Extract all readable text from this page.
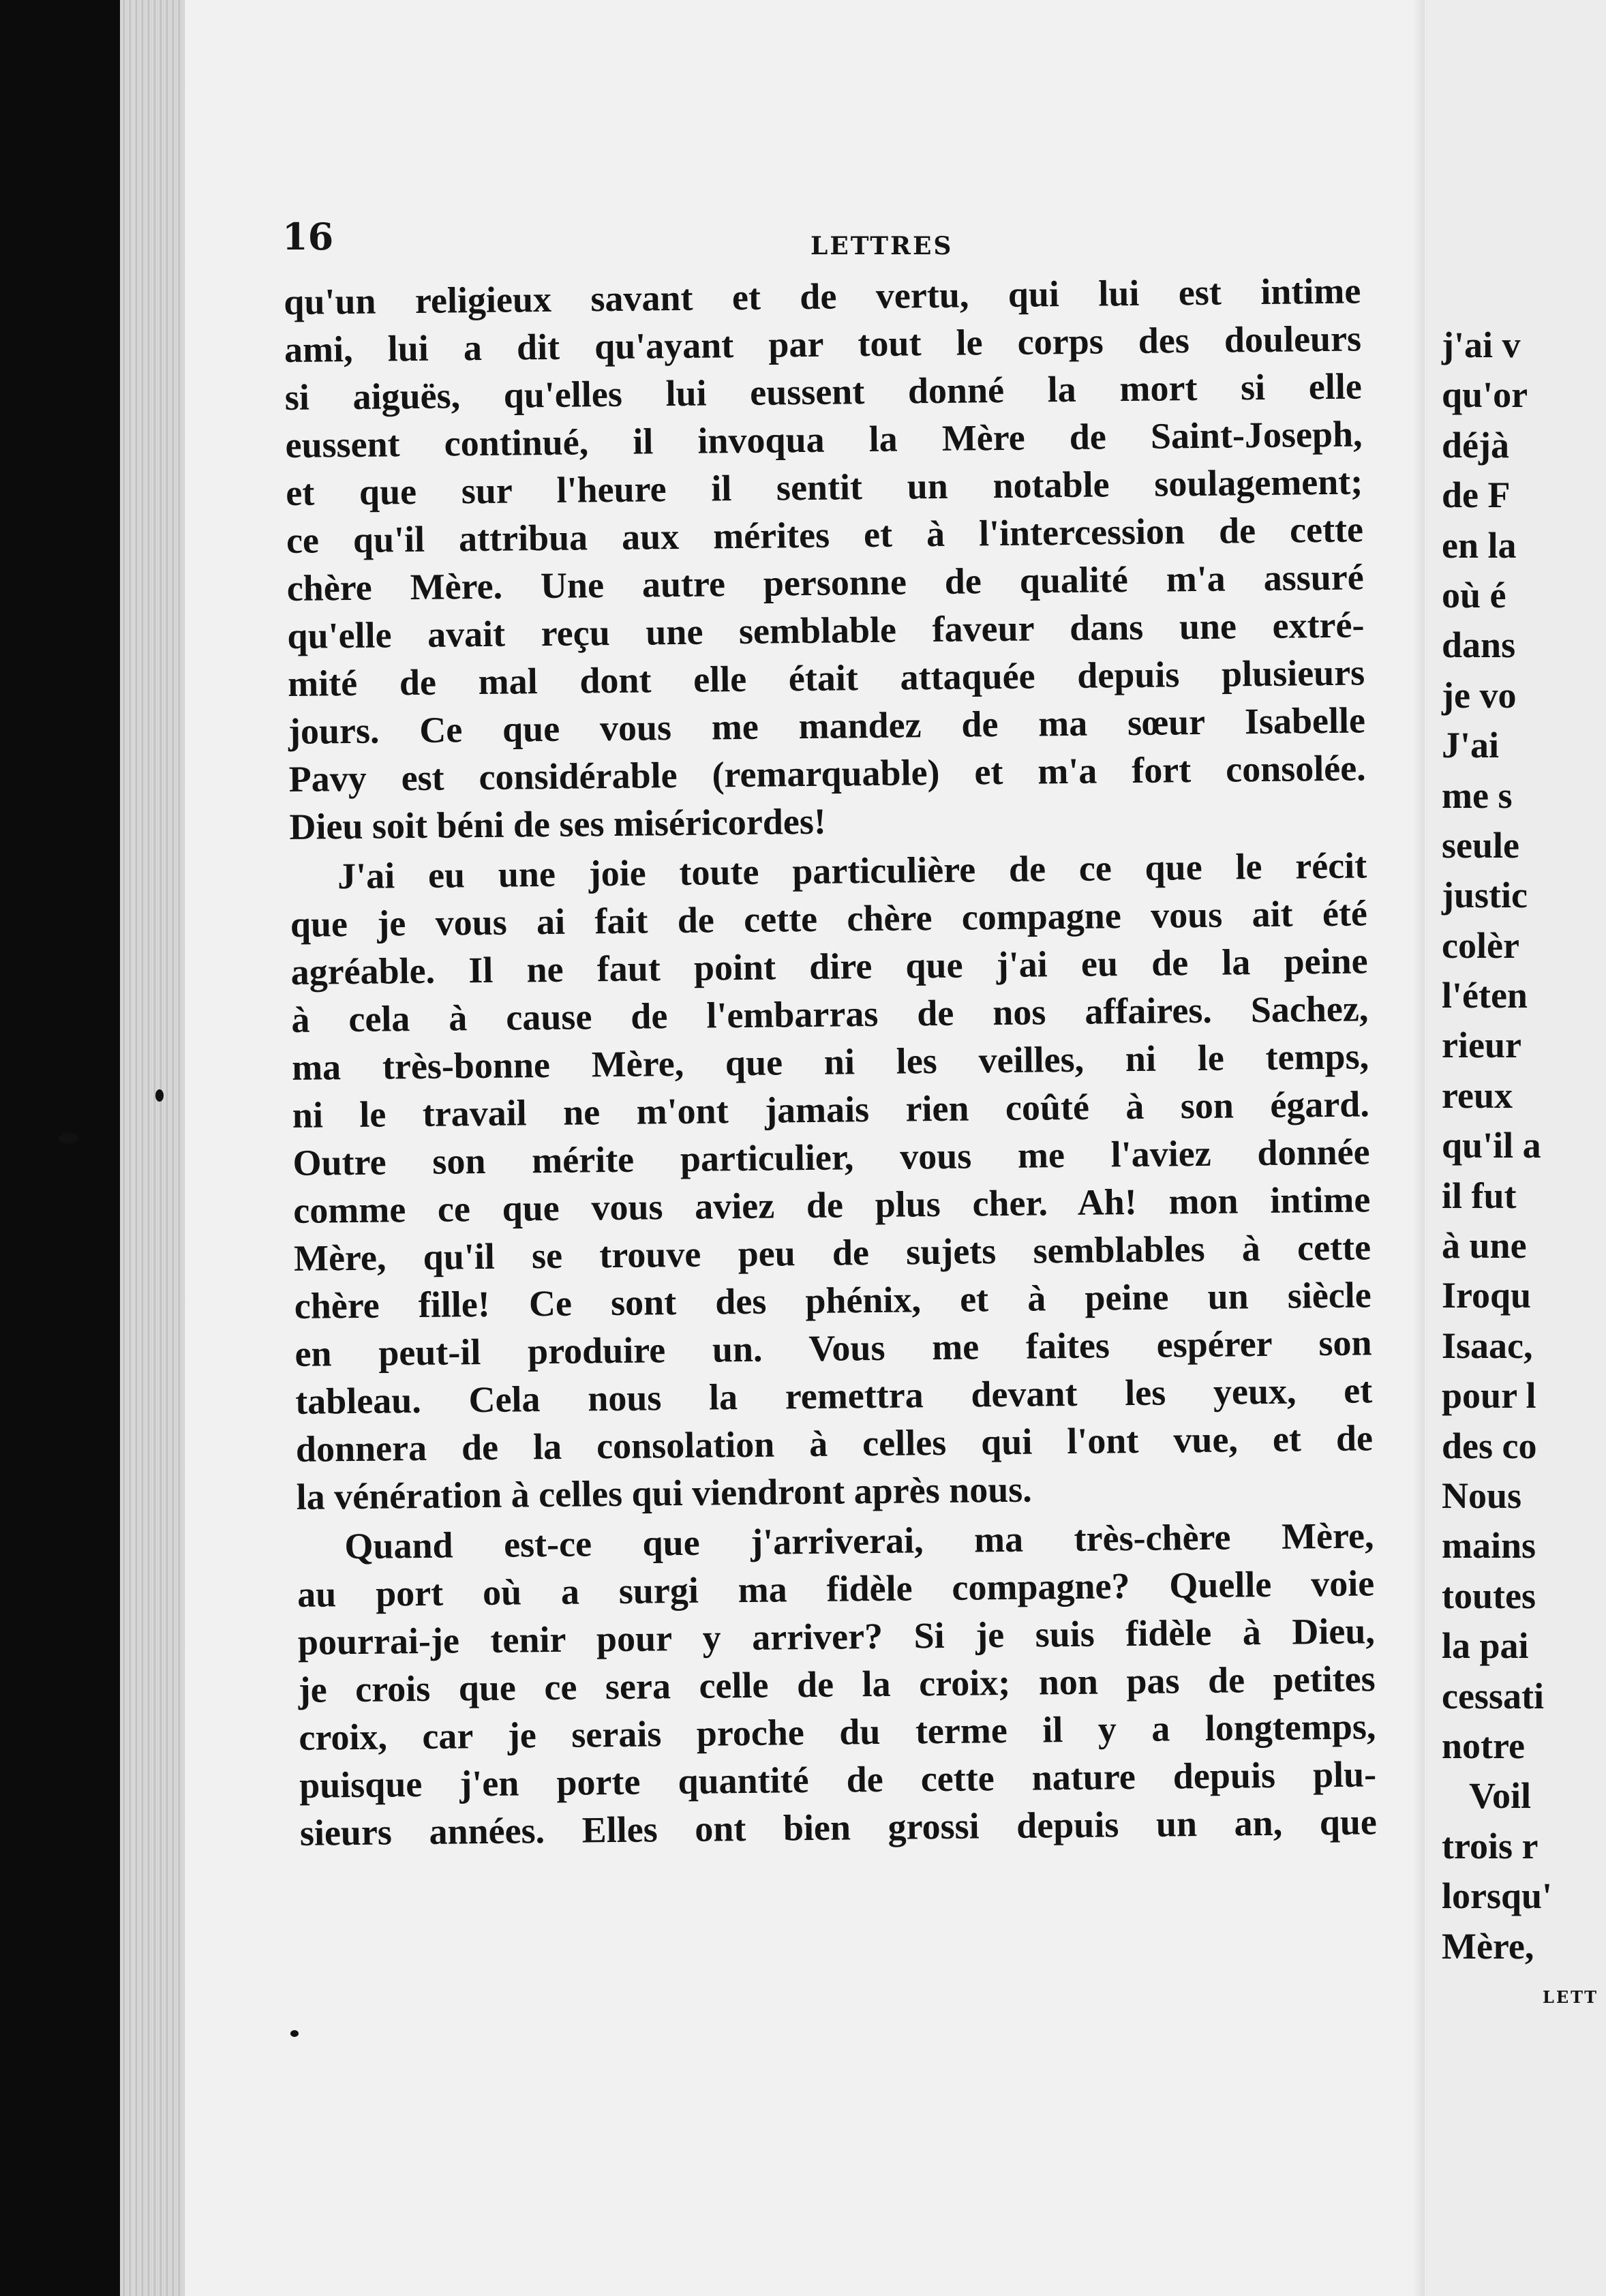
16	LETTRES
qu'un religieux savant et de vertu, qui lui est intime
ami, lui a dit qu'ayant par tout le corps des douleurs
si aiguës, qu'elles lui eussent donné la mort si elle
eussent continué, il invoqua la Mère de Saint-Joseph,
et que sur l'heure il sentit un notable soulagement;
ce qu'il attribua aux mérites et à l'intercession de cette
chère Mère. Une autre personne de qualité m'a assuré
qu'elle avait reçu une semblable faveur dans une extré-
mité de mal dont elle était attaquée depuis plusieurs
jours. Ce que vous me mandez de ma sœur Isabelle
Pavy est considérable (remarquable) et m'a fort consolée.
Dieu soit béni de ses miséricordes!
J'ai eu une joie toute particulière de ce que le récit
que je vous ai fait de cette chère compagne vous ait été
agréable. Il ne faut point dire que j'ai eu de la peine
à cela à cause de l'embarras de nos affaires. Sachez,
ma très-bonne Mère, que ni les veilles, ni le temps,
ni le travail ne m'ont jamais rien coûté à son égard.
Outre son mérite particulier, vous me l'aviez donnée
comme ce que vous aviez de plus cher. Ah! mon intime
Mère, qu'il se trouve peu de sujets semblables à cette
chère fille! Ce sont des phénix, et à peine un siècle
en peut-il produire un. Vous me faites espérer son
tableau. Cela nous la remettra devant les yeux, et
donnera de la consolation à celles qui l'ont vue, et de
la vénération à celles qui viendront après nous.
Quand est-ce que j'arriverai, ma très-chère Mère,
au port où a surgi ma fidèle compagne? Quelle voie
pourrai-je tenir pour y arriver? Si je suis fidèle à Dieu,
je crois que ce sera celle de la croix; non pas de petites
croix, car je serais proche du terme il y a longtemps,
puisque j'en porte quantité de cette nature depuis plu-
sieurs années. Elles ont bien grossi depuis un an, que
j'ai v
qu'or
déjà
de F
en la
où é
dans
je vo
J'ai
me s
seule
justic
colèr
l'éten
rieur
reux
qu'il a
il fut
à une
Iroqu
Isaac,
pour l
des co
Nous
mains
toutes
la pai
cessati
notre
Voil
trois r
lorsqu'
Mère,
LETT
